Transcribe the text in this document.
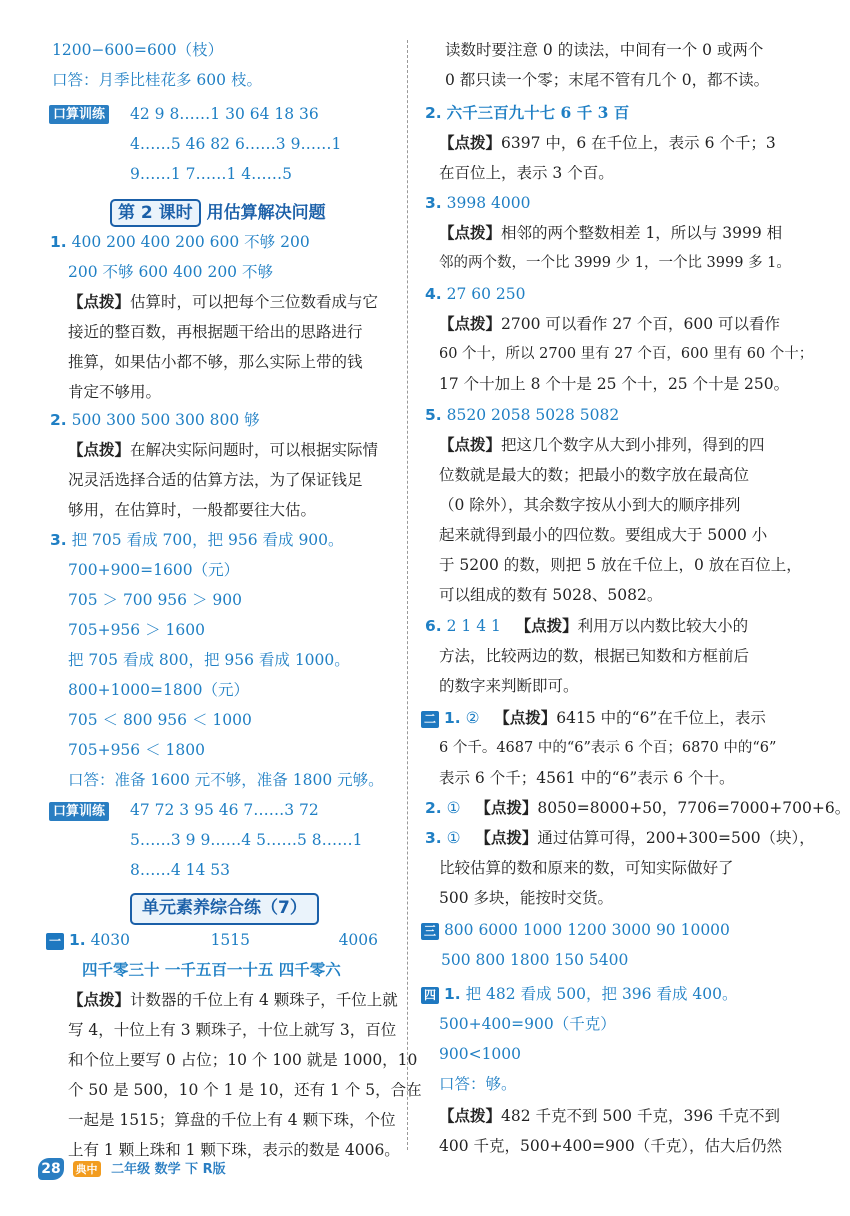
1200−600=600（枝）
口答：月季比桂花多 600 枝。
口算训练 42 9 8……1 30 64 18 36
4……5 46 82 6……3 9……1
9……1 7……1 4……5
第 2 课时 用估算解决问题
1. 400 200 400 200 600 不够 200
200 不够 600 400 200 不够
【点拨】估算时，可以把每个三位数看成与它
接近的整百数，再根据题干给出的思路进行
推算，如果估小都不够，那么实际上带的钱
肯定不够用。
2. 500 300 500 300 800 够
【点拨】在解决实际问题时，可以根据实际情
况灵活选择合适的估算方法，为了保证钱足
够用，在估算时，一般都要往大估。
3. 把 705 看成 700，把 956 看成 900。
700+900=1600（元）
705 ＞ 700 956 ＞ 900
705+956 ＞ 1600
把 705 看成 800，把 956 看成 1000。
800+1000=1800（元）
705 ＜ 800 956 ＜ 1000
705+956 ＜ 1800
口答：准备 1600 元不够，准备 1800 元够。
口算训练 47 72 3 95 46 7……3 72
5……3 9 9……4 5……5 8……1
8……4 14 53
单元素养综合练（7）
一 1. 4030	1515	4006
四千零三十 一千五百一十五 四千零六
【点拨】计数器的千位上有 4 颗珠子，千位上就
写 4，十位上有 3 颗珠子，十位上就写 3，百位
和个位上要写 0 占位；10 个 100 就是 1000，10
个 50 是 500，10 个 1 是 10，还有 1 个 5，合在
一起是 1515；算盘的千位上有 4 颗下珠，个位
上有 1 颗上珠和 1 颗下珠，表示的数是 4006。
读数时要注意 0 的读法，中间有一个 0 或两个
0 都只读一个零；末尾不管有几个 0，都不读。
2. 六千三百九十七 6 千 3 百
【点拨】6397 中，6 在千位上，表示 6 个千；3
在百位上，表示 3 个百。
3. 3998 4000
【点拨】相邻的两个整数相差 1，所以与 3999 相
邻的两个数，一个比 3999 少 1，一个比 3999 多 1。
4. 27 60 250
【点拨】2700 可以看作 27 个百，600 可以看作
60 个十，所以 2700 里有 27 个百，600 里有 60 个十；
17 个十加上 8 个十是 25 个十，25 个十是 250。
5. 8520 2058 5028 5082
【点拨】把这几个数字从大到小排列，得到的四
位数就是最大的数；把最小的数字放在最高位
（0 除外），其余数字按从小到大的顺序排列
起来就得到最小的四位数。要组成大于 5000 小
于 5200 的数，则把 5 放在千位上，0 放在百位上，
可以组成的数有 5028、5082。
6. 2 1 4 1 【点拨】利用万以内数比较大小的
方法，比较两边的数，根据已知数和方框前后
的数字来判断即可。
二 1. ② 【点拨】6415 中的“6”在千位上，表示
6 个千。4687 中的“6”表示 6 个百；6870 中的“6”
表示 6 个千；4561 中的“6”表示 6 个十。
2. ① 【点拨】8050=8000+50，7706=7000+700+6。
3. ① 【点拨】通过估算可得，200+300=500（块），
比较估算的数和原来的数，可知实际做好了
500 多块，能按时交货。
三 800 6000 1000 1200 3000 90 10000
500 800 1800 150 5400
四 1. 把 482 看成 500，把 396 看成 400。
500+400=900（千克）
900<1000
口答：够。
【点拨】482 千克不到 500 千克，396 千克不到
400 千克，500+400=900（千克），估大后仍然
28 典中 二年级 数学 下 R版
